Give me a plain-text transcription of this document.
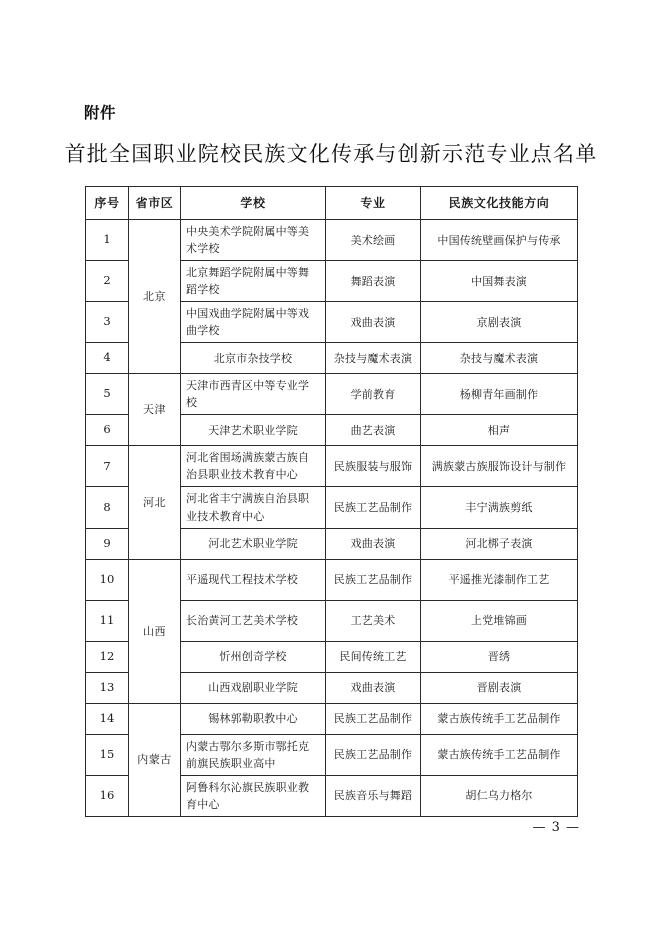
附件
首批全国职业院校民族文化传承与创新示范专业点名单
序号	省市区	学校	专业	民族文化技能方向
1	北京	中央美术学院附属中等美术学校	美术绘画	中国传统壁画保护与传承
2		北京舞蹈学院附属中等舞蹈学校	舞蹈表演	中国舞表演
3		中国戏曲学院附属中等戏曲学校	戏曲表演	京剧表演
4		北京市杂技学校	杂技与魔术表演	杂技与魔术表演
5	天津	天津市西青区中等专业学校	学前教育	杨柳青年画制作
6		天津艺术职业学院	曲艺表演	相声
7	河北	河北省围场满族蒙古族自治县职业技术教育中心	民族服装与服饰	满族蒙古族服饰设计与制作
8		河北省丰宁满族自治县职业技术教育中心	民族工艺品制作	丰宁满族剪纸
9		河北艺术职业学院	戏曲表演	河北梆子表演
10	山西	平遥现代工程技术学校	民族工艺品制作	平遥推光漆制作工艺
11		长治黄河工艺美术学校	工艺美术	上党堆锦画
12		忻州创奇学校	民间传统工艺	晋绣
13		山西戏剧职业学院	戏曲表演	晋剧表演
14	内蒙古	锡林郭勒职教中心	民族工艺品制作	蒙古族传统手工艺品制作
15		内蒙古鄂尔多斯市鄂托克前旗民族职业高中	民族工艺品制作	蒙古族传统手工艺品制作
16		阿鲁科尔沁旗民族职业教育中心	民族音乐与舞蹈	胡仁乌力格尔
— 3 —
